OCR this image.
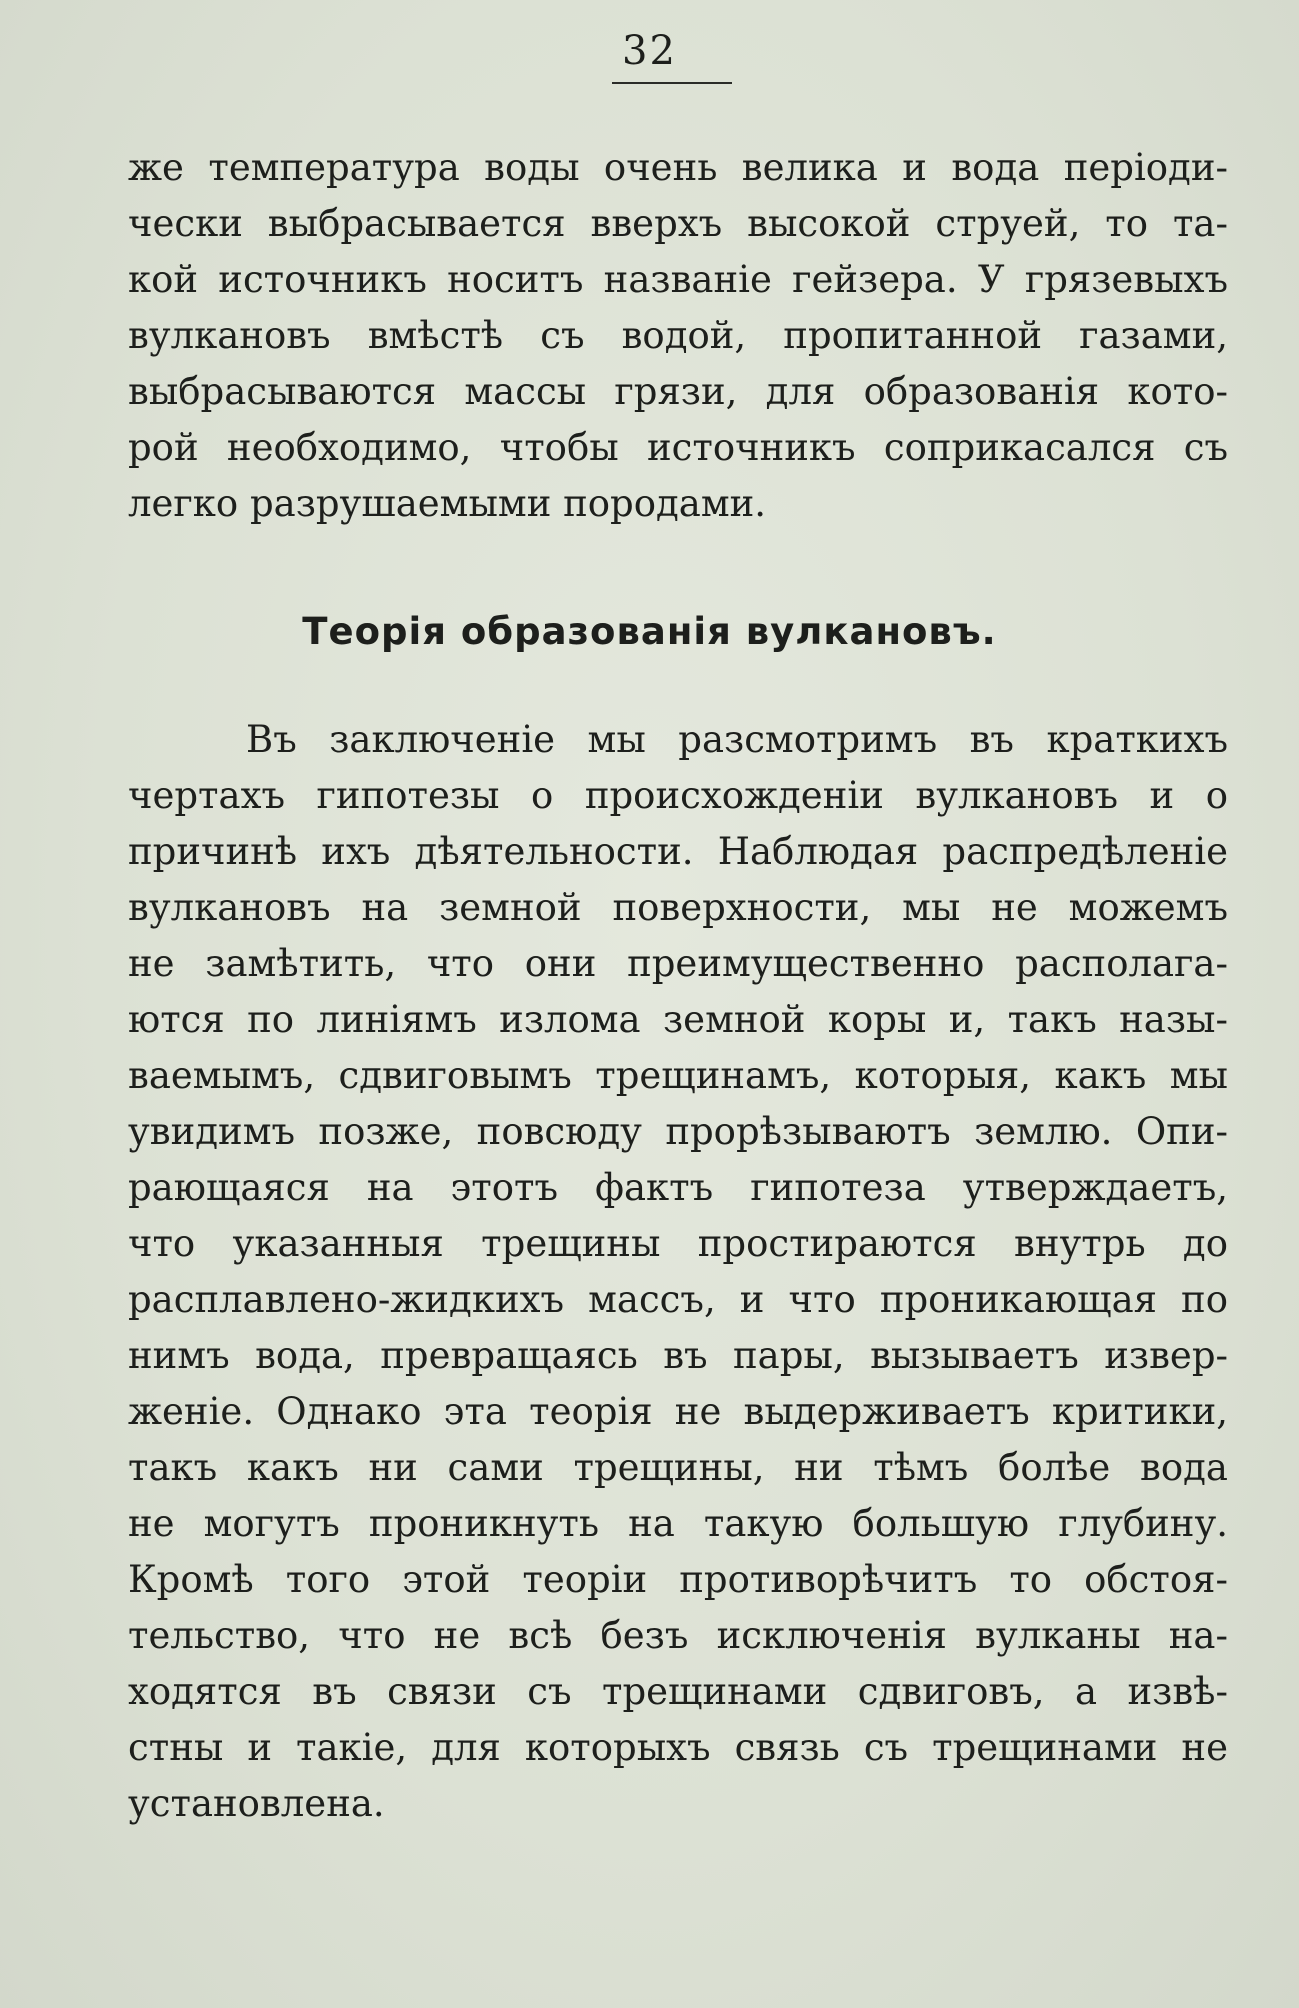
32
же температура воды очень велика и вода періоди-
чески выбрасывается вверхъ высокой струей, то та-
кой источникъ носитъ названіе гейзера. У грязевыхъ
вулкановъ вмѣстѣ съ водой, пропитанной газами,
выбрасываются массы грязи, для образованія кото-
рой необходимо, чтобы источникъ соприкасался съ
легко разрушаемыми породами.
Теорія образованія вулкановъ.
Въ заключеніе мы разсмотримъ въ краткихъ
чертахъ гипотезы о происхожденіи вулкановъ и о
причинѣ ихъ дѣятельности. Наблюдая распредѣленіе
вулкановъ на земной поверхности, мы не можемъ
не замѣтить, что они преимущественно располага-
ются по линіямъ излома земной коры и, такъ назы-
ваемымъ, сдвиговымъ трещинамъ, которыя, какъ мы
увидимъ позже, повсюду прорѣзываютъ землю. Опи-
рающаяся на этотъ фактъ гипотеза утверждаетъ,
что указанныя трещины простираются внутрь до
расплавлено-жидкихъ массъ, и что проникающая по
нимъ вода, превращаясь въ пары, вызываетъ извер-
женіе. Однако эта теорія не выдерживаетъ критики,
такъ какъ ни сами трещины, ни тѣмъ болѣе вода
не могутъ проникнуть на такую большую глубину.
Кромѣ того этой теоріи противорѣчитъ то обстоя-
тельство, что не всѣ безъ исключенія вулканы на-
ходятся въ связи съ трещинами сдвиговъ, а извѣ-
стны и такіе, для которыхъ связь съ трещинами не
установлена.
